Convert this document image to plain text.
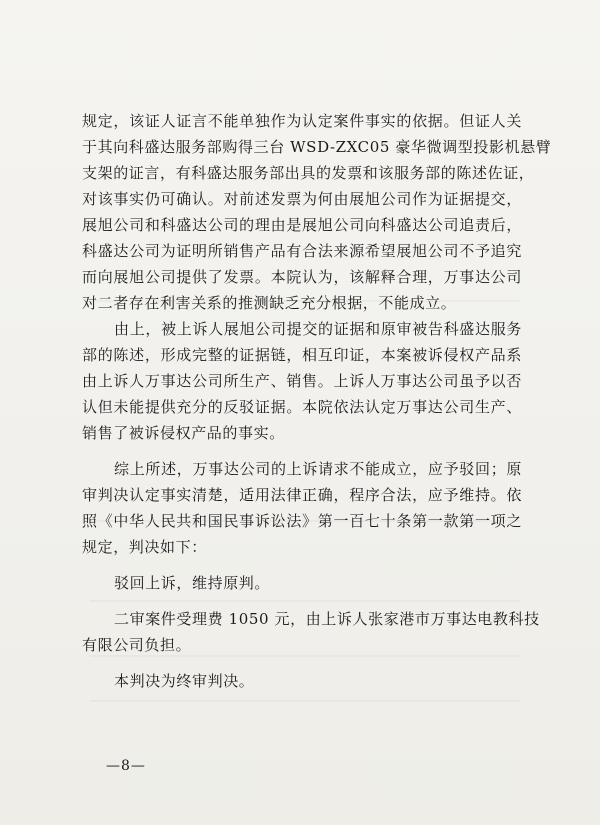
规定，该证人证言不能单独作为认定案件事实的依据。但证人关
于其向科盛达服务部购得三台 WSD-ZXC05 豪华微调型投影机悬臂
支架的证言，有科盛达服务部出具的发票和该服务部的陈述佐证，
对该事实仍可确认。对前述发票为何由展旭公司作为证据提交，
展旭公司和科盛达公司的理由是展旭公司向科盛达公司追责后，
科盛达公司为证明所销售产品有合法来源希望展旭公司不予追究
而向展旭公司提供了发票。本院认为，该解释合理，万事达公司
对二者存在利害关系的推测缺乏充分根据，不能成立。
由上，被上诉人展旭公司提交的证据和原审被告科盛达服务
部的陈述，形成完整的证据链，相互印证，本案被诉侵权产品系
由上诉人万事达公司所生产、销售。上诉人万事达公司虽予以否
认但未能提供充分的反驳证据。本院依法认定万事达公司生产、
销售了被诉侵权产品的事实。
综上所述，万事达公司的上诉请求不能成立，应予驳回；原
审判决认定事实清楚，适用法律正确，程序合法，应予维持。依
照《中华人民共和国民事诉讼法》第一百七十条第一款第一项之
规定，判决如下：
驳回上诉，维持原判。
二审案件受理费 1050 元，由上诉人张家港市万事达电教科技
有限公司负担。
本判决为终审判决。
—8—
